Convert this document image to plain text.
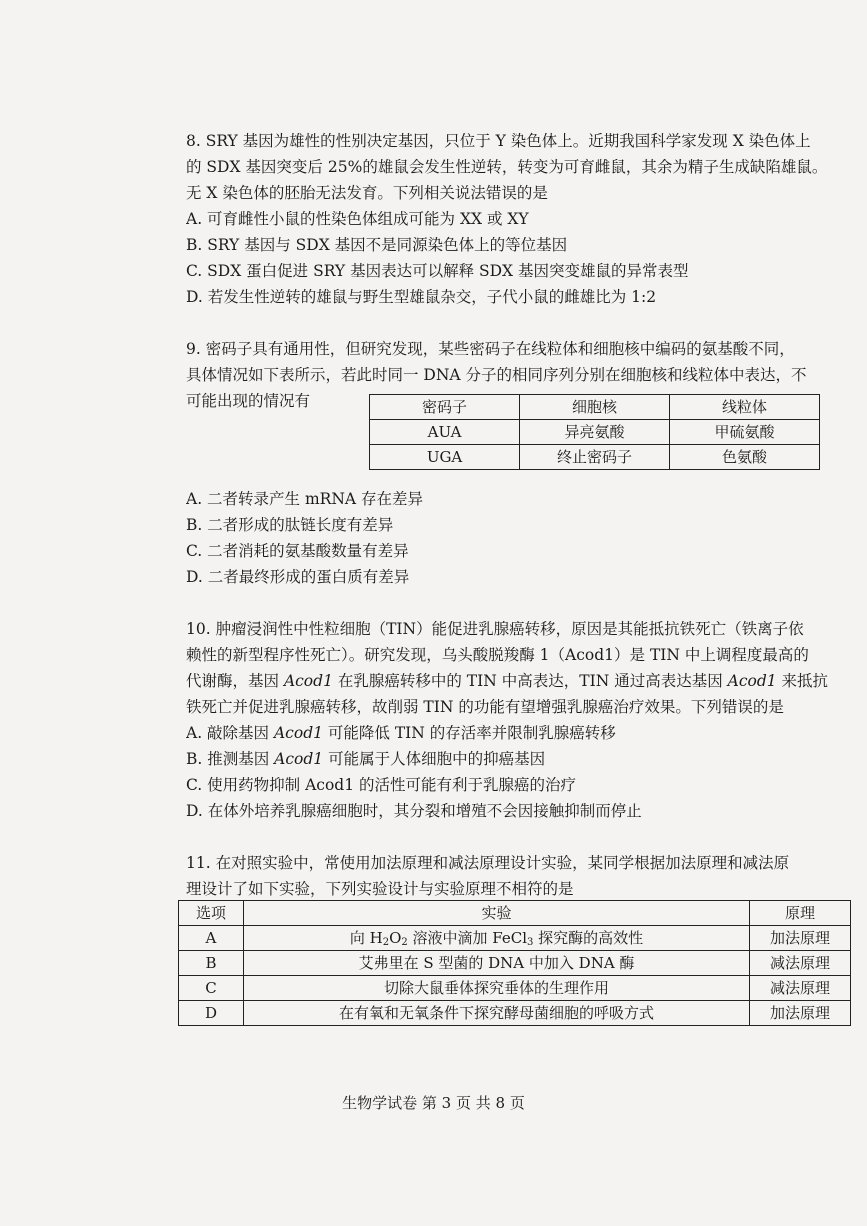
8. SRY 基因为雄性的性别决定基因，只位于 Y 染色体上。近期我国科学家发现 X 染色体上
的 SDX 基因突变后 25%的雄鼠会发生性逆转，转变为可育雌鼠，其余为精子生成缺陷雄鼠。
无 X 染色体的胚胎无法发育。下列相关说法错误的是
A. 可育雌性小鼠的性染色体组成可能为 XX 或 XY
B. SRY 基因与 SDX 基因不是同源染色体上的等位基因
C. SDX 蛋白促进 SRY 基因表达可以解释 SDX 基因突变雄鼠的异常表型
D. 若发生性逆转的雄鼠与野生型雄鼠杂交，子代小鼠的雌雄比为 1:2
9. 密码子具有通用性，但研究发现，某些密码子在线粒体和细胞核中编码的氨基酸不同，
具体情况如下表所示，若此时同一 DNA 分子的相同序列分别在细胞核和线粒体中表达，不
可能出现的情况有	密码子	细胞核	线粒体
AUA	异亮氨酸	甲硫氨酸
UGA	终止密码子	色氨酸
A. 二者转录产生 mRNA 存在差异
B. 二者形成的肽链长度有差异
C. 二者消耗的氨基酸数量有差异
D. 二者最终形成的蛋白质有差异
10. 肿瘤浸润性中性粒细胞（TIN）能促进乳腺癌转移，原因是其能抵抗铁死亡（铁离子依
赖性的新型程序性死亡）。研究发现，乌头酸脱羧酶 1（Acod1）是 TIN 中上调程度最高的
代谢酶，基因 Acod1 在乳腺癌转移中的 TIN 中高表达，TIN 通过高表达基因 Acod1 来抵抗
铁死亡并促进乳腺癌转移，故削弱 TIN 的功能有望增强乳腺癌治疗效果。下列错误的是
A. 敲除基因 Acod1 可能降低 TIN 的存活率并限制乳腺癌转移
B. 推测基因 Acod1 可能属于人体细胞中的抑癌基因
C. 使用药物抑制 Acod1 的活性可能有利于乳腺癌的治疗
D. 在体外培养乳腺癌细胞时，其分裂和增殖不会因接触抑制而停止
11. 在对照实验中，常使用加法原理和减法原理设计实验，某同学根据加法原理和减法原
理设计了如下实验，下列实验设计与实验原理不相符的是
选项	实验	原理
A	向 $H_2O_2$ 溶液中滴加 FeCl$_3$ 探究酶的高效性	加法原理
B	艾弗里在 S 型菌的 DNA 中加入 DNA 酶	减法原理
C	切除大鼠垂体探究垂体的生理作用	减法原理
D	在有氧和无氧条件下探究酵母菌细胞的呼吸方式	加法原理
生物学试卷 第 3 页 共 8 页
